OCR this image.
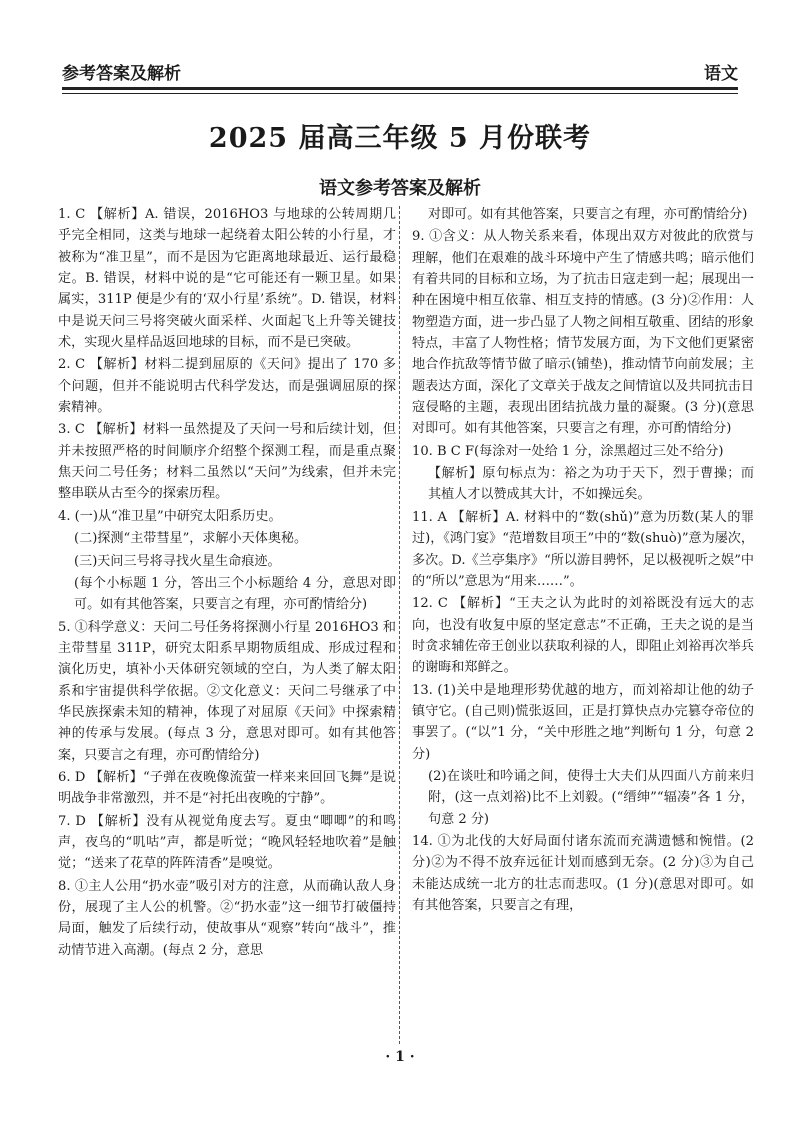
参考答案及解析	语文
2025 届高三年级 5 月份联考
语文参考答案及解析

1. C 【解析】A. 错误，2016HO3 与地球的公转周期几乎完全相同，这类与地球一起绕着太阳公转的小行星，才被称为“准卫星”，而不是因为它距离地球最近、运行最稳定。B. 错误，材料中说的是“它可能还有一颗卫星。如果属实，311P 便是少有的‘双小行星’系统”。D. 错误，材料中是说天问三号将突破火面采样、火面起飞上升等关键技术，实现火星样品返回地球的目标，而不是已突破。

2. C 【解析】材料二提到屈原的《天问》提出了 170 多个问题，但并不能说明古代科学发达，而是强调屈原的探索精神。

3. C 【解析】材料一虽然提及了天问一号和后续计划，但并未按照严格的时间顺序介绍整个探测工程，而是重点聚焦天问二号任务；材料二虽然以“天问”为线索，但并未完整串联从古至今的探索历程。

4. (一)从“准卫星”中研究太阳系历史。

(二)探测“主带彗星”，求解小天体奥秘。

(三)天问三号将寻找火星生命痕迹。

(每个小标题 1 分，答出三个小标题给 4 分，意思对即可。如有其他答案，只要言之有理，亦可酌情给分)

5. ①科学意义：天问二号任务将探测小行星 2016HO3 和主带彗星 311P，研究太阳系早期物质组成、形成过程和演化历史，填补小天体研究领域的空白，为人类了解太阳系和宇宙提供科学依据。②文化意义：天问二号继承了中华民族探索未知的精神，体现了对屈原《天问》中探索精神的传承与发展。(每点 3 分，意思对即可。如有其他答案，只要言之有理，亦可酌情给分)

6. D 【解析】“子弹在夜晚像流萤一样来来回回飞舞”是说明战争非常激烈，并不是“衬托出夜晚的宁静”。

7. D 【解析】没有从视觉角度去写。夏虫“唧唧”的和鸣声，夜鸟的“叽咕”声，都是听觉；“晚风轻轻地吹着”是触觉；“送来了花草的阵阵清香”是嗅觉。

8. ①主人公用“扔水壶”吸引对方的注意，从而确认敌人身份，展现了主人公的机警。②“扔水壶”这一细节打破僵持局面，触发了后续行动，使故事从“观察”转向“战斗”，推动情节进入高潮。(每点 2 分，意思

对即可。如有其他答案，只要言之有理，亦可酌情给分)

9. ①含义：从人物关系来看，体现出双方对彼此的欣赏与理解，他们在艰难的战斗环境中产生了情感共鸣；暗示他们有着共同的目标和立场，为了抗击日寇走到一起；展现出一种在困境中相互依靠、相互支持的情感。(3 分)②作用：人物塑造方面，进一步凸显了人物之间相互敬重、团结的形象特点，丰富了人物性格；情节发展方面，为下文他们更紧密地合作抗敌等情节做了暗示(铺垫)，推动情节向前发展；主题表达方面，深化了文章关于战友之间情谊以及共同抗击日寇侵略的主题，表现出团结抗战力量的凝聚。(3 分)(意思对即可。如有其他答案，只要言之有理，亦可酌情给分)

10. B C F(每涂对一处给 1 分，涂黑超过三处不给分)

【解析】原句标点为：裕之为功于天下，烈于曹操；而其植人才以赞成其大计，不如操远矣。

11. A 【解析】A. 材料中的“数(shǔ)”意为历数(某人的罪过)，《鸿门宴》“范增数目项王”中的“数(shuò)”意为屡次，多次。D.《兰亭集序》“所以游目骋怀，足以极视听之娱”中的“所以”意思为“用来……”。

12. C 【解析】“王夫之认为此时的刘裕既没有远大的志向，也没有收复中原的坚定意志”不正确，王夫之说的是当时贪求辅佐帝王创业以获取利禄的人，即阻止刘裕再次举兵的谢晦和郑鲜之。

13. (1)关中是地理形势优越的地方，而刘裕却让他的幼子镇守它。(自己则)慌张返回，正是打算快点办完篡夺帝位的事罢了。(“以”1 分，“关中形胜之地”判断句 1 分，句意 2 分)

(2)在谈吐和吟诵之间，使得士大夫们从四面八方前来归附，(这一点刘裕)比不上刘毅。(“缙绅”“辐凑”各 1 分，句意 2 分)

14. ①为北伐的大好局面付诸东流而充满遗憾和惋惜。(2 分)②为不得不放弃远征计划而感到无奈。(2 分)③为自己未能达成统一北方的壮志而悲叹。(1 分)(意思对即可。如有其他答案，只要言之有理，

· 1 ·
